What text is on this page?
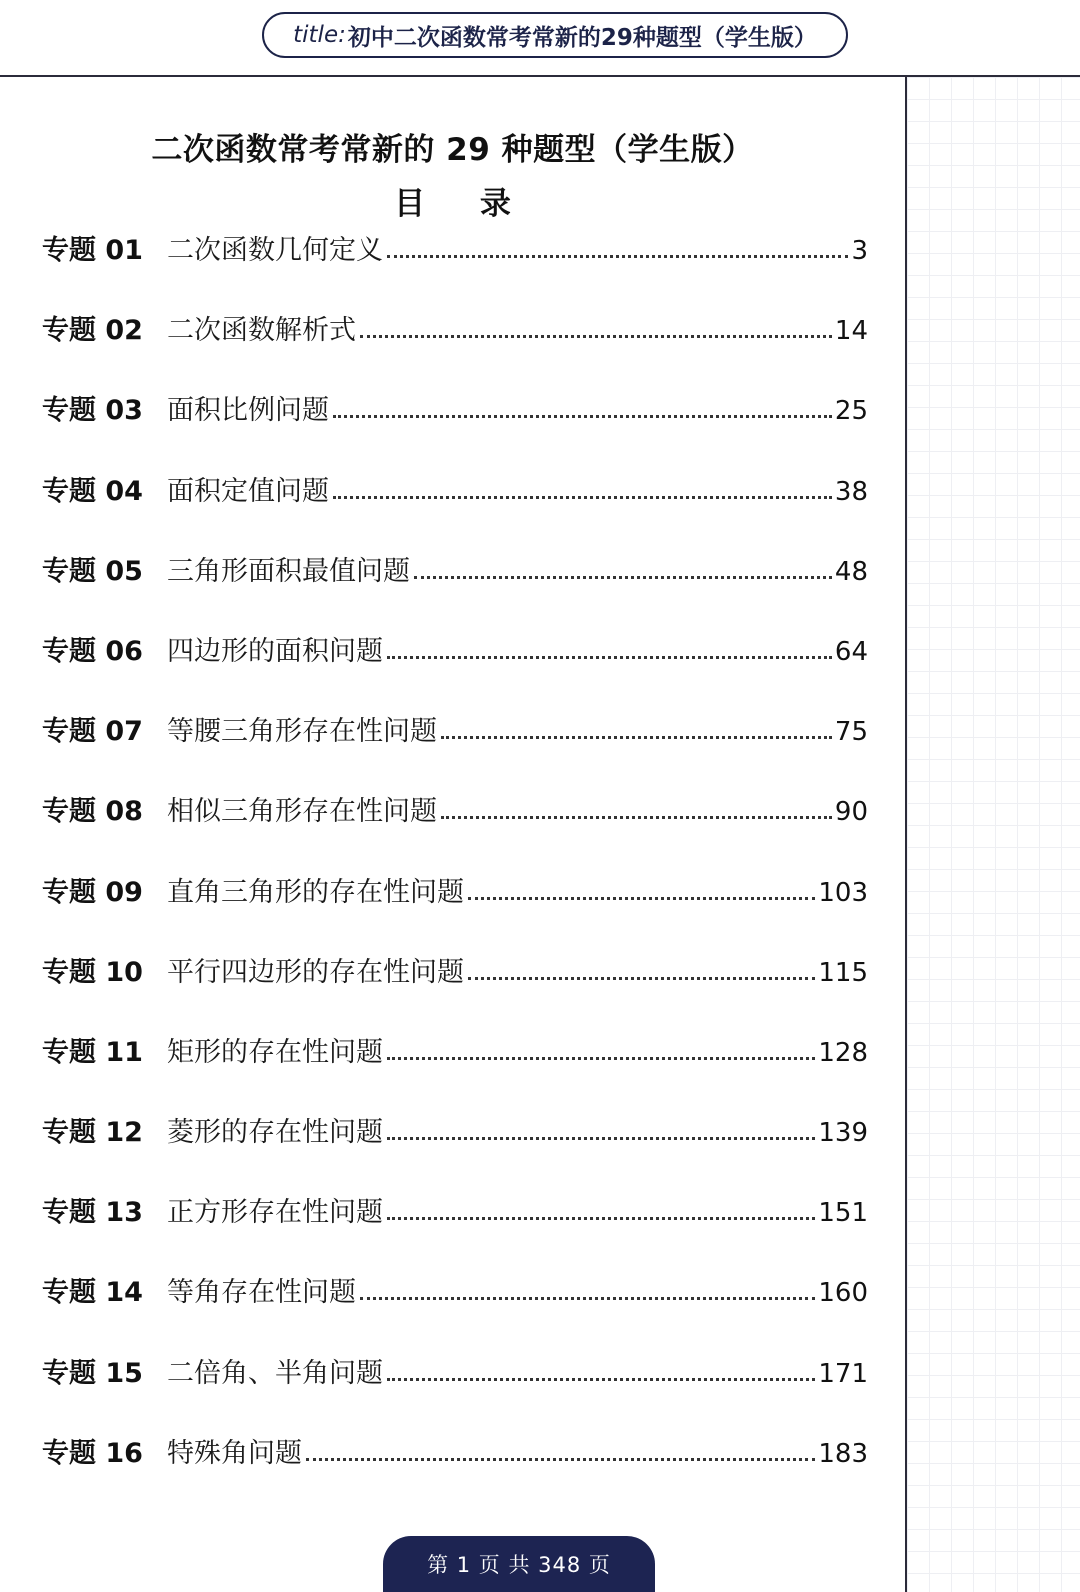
title: 初中二次函数常考常新的29种题型（学生版）
二次函数常考常新的 29 种题型（学生版）
目 录
专题 01 二次函数几何定义	3
专题 02 二次函数解析式	14
专题 03 面积比例问题	25
专题 04 面积定值问题	38
专题 05 三角形面积最值问题	48
专题 06 四边形的面积问题	64
专题 07 等腰三角形存在性问题	75
专题 08 相似三角形存在性问题	90
专题 09 直角三角形的存在性问题	103
专题 10 平行四边形的存在性问题	115
专题 11 矩形的存在性问题	128
专题 12 菱形的存在性问题	139
专题 13 正方形存在性问题	151
专题 14 等角存在性问题	160
专题 15 二倍角、半角问题	171
专题 16 特殊角问题	183
第 1 页 共 348 页
